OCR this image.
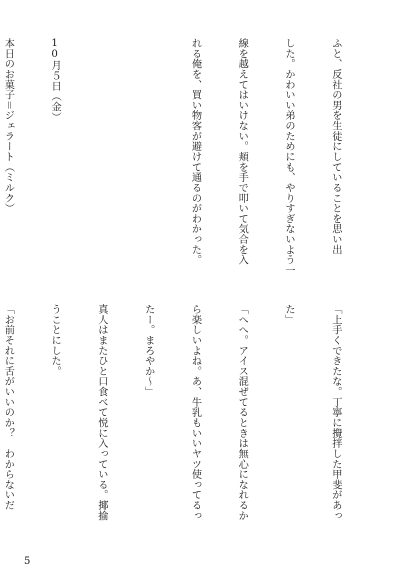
ふと、反社の男を生徒にしていることを思い出

した。かわいい弟のためにも、やりすぎないよう一

線を越えてはいけない。頬を手で叩いて気合を入

れる俺を、買い物客が避けて通るのがわかった。

10月５日（金）

本日のお菓子＝ジェラート（ミルク）

「上手くできたな。丁寧に攪拌した甲斐があっ

た」

「へへ。アイス混ぜてるときは無心になれるか

ら楽しいよね。あ、牛乳もいいヤツ使ってるっ

たー。まろやか～」

真人はまたひと口食べて悦に入っている。揶揄

うことにした。

「お前それに舌がいいのか？　わからないだ

5
